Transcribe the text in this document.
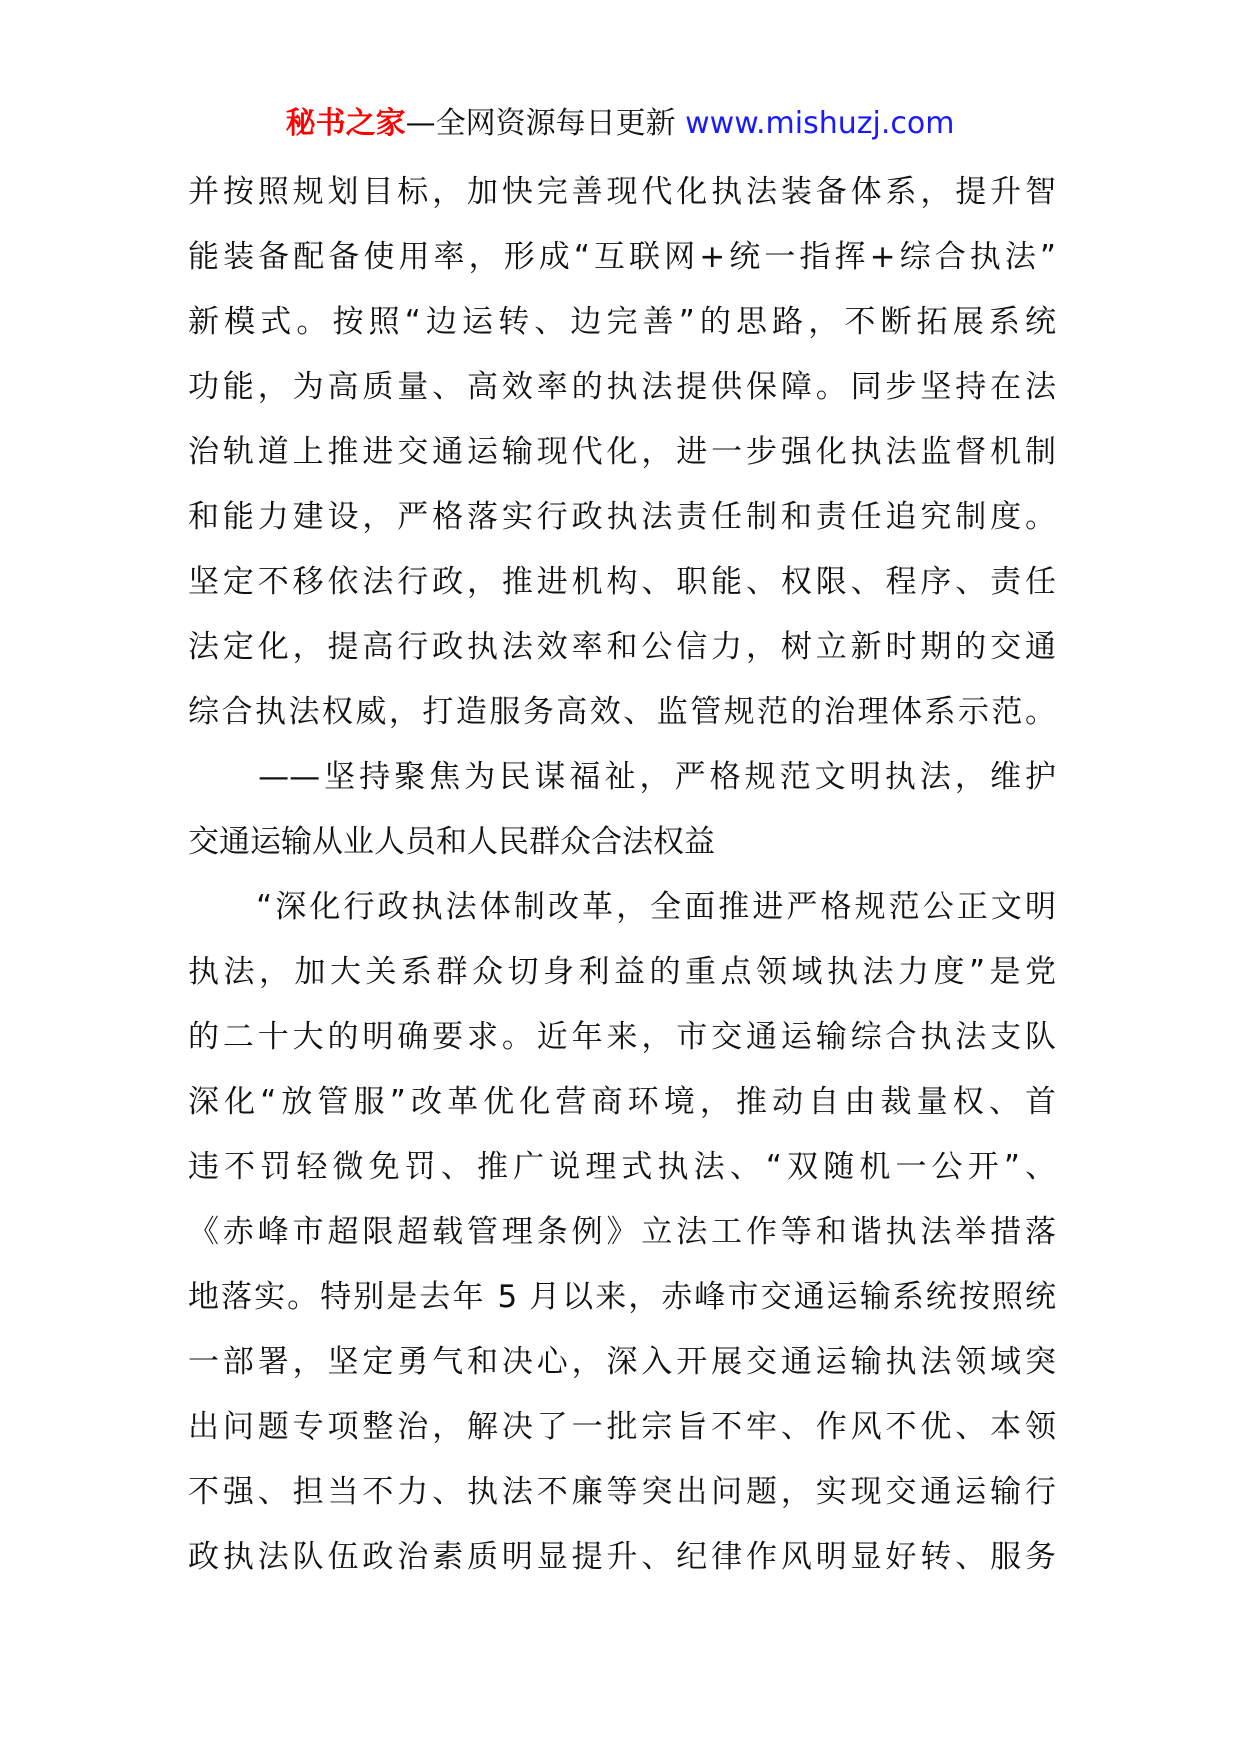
秘书之家—全网资源每日更新 www.mishuzj.com
并按照规划目标，加快完善现代化执法装备体系，提升智
能装备配备使用率，形成“互联网+统一指挥+综合执法”
新模式。按照“边运转、边完善”的思路，不断拓展系统
功能，为高质量、高效率的执法提供保障。同步坚持在法
治轨道上推进交通运输现代化，进一步强化执法监督机制
和能力建设，严格落实行政执法责任制和责任追究制度。
坚定不移依法行政，推进机构、职能、权限、程序、责任
法定化，提高行政执法效率和公信力，树立新时期的交通
综合执法权威，打造服务高效、监管规范的治理体系示范。
　　——坚持聚焦为民谋福祉，严格规范文明执法，维护
交通运输从业人员和人民群众合法权益
　　“深化行政执法体制改革，全面推进严格规范公正文明
执法，加大关系群众切身利益的重点领域执法力度”是党
的二十大的明确要求。近年来，市交通运输综合执法支队
深化“放管服”改革优化营商环境，推动自由裁量权、首
违不罚轻微免罚、推广说理式执法、“双随机一公开”、
《赤峰市超限超载管理条例》立法工作等和谐执法举措落
地落实。特别是去年 5 月以来，赤峰市交通运输系统按照统
一部署，坚定勇气和决心，深入开展交通运输执法领域突
出问题专项整治，解决了一批宗旨不牢、作风不优、本领
不强、担当不力、执法不廉等突出问题，实现交通运输行
政执法队伍政治素质明显提升、纪律作风明显好转、服务
